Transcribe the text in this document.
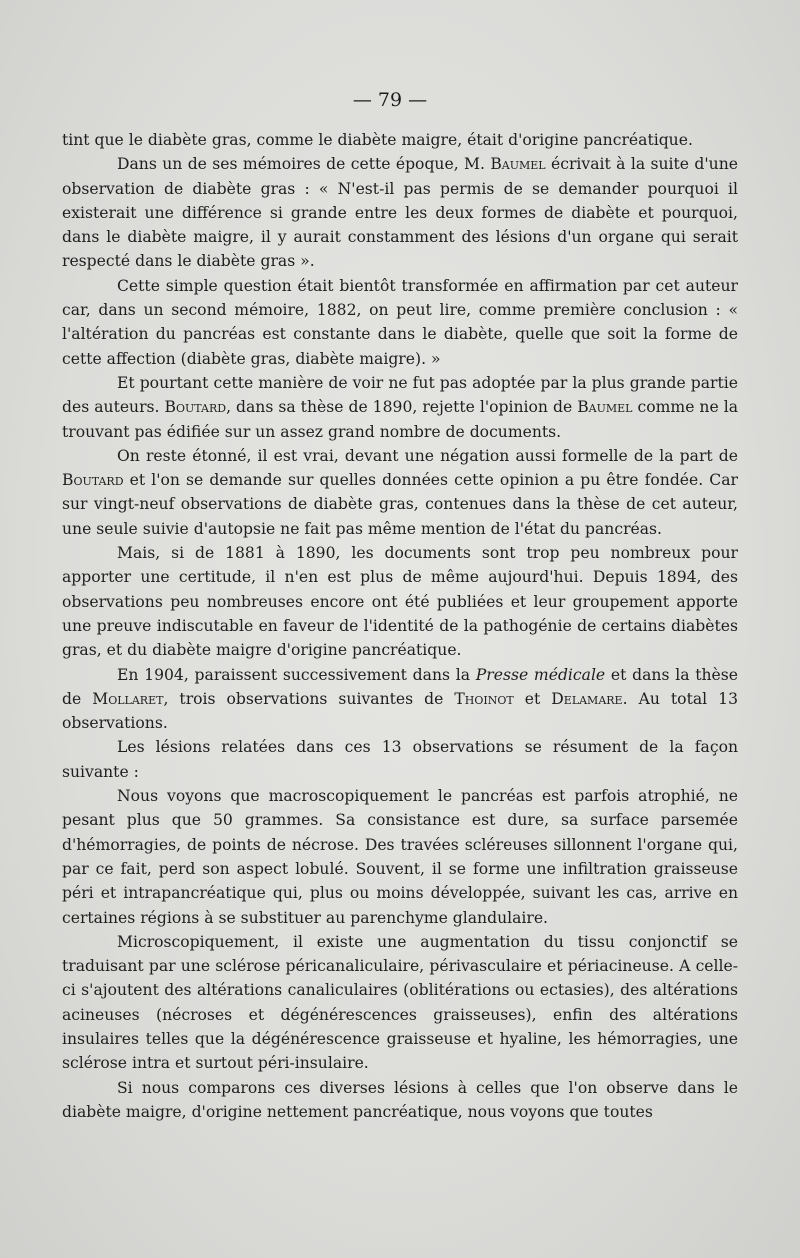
— 79 —

tint que le diabète gras, comme le diabète maigre, était d'origine pancréatique.

Dans un de ses mémoires de cette époque, M. Baumel écrivait à la suite d'une observation de diabète gras : « N'est-il pas permis de se demander pourquoi il existerait une différence si grande entre les deux formes de diabète et pourquoi, dans le diabète maigre, il y aurait constamment des lésions d'un organe qui serait respecté dans le diabète gras ».

Cette simple question était bientôt transformée en affirmation par cet auteur car, dans un second mémoire, 1882, on peut lire, comme première conclusion : « l'altération du pancréas est constante dans le diabète, quelle que soit la forme de cette affection (diabète gras, diabète maigre). »

Et pourtant cette manière de voir ne fut pas adoptée par la plus grande partie des auteurs. Boutard, dans sa thèse de 1890, rejette l'opinion de Baumel comme ne la trouvant pas édifiée sur un assez grand nombre de documents.

On reste étonné, il est vrai, devant une négation aussi formelle de la part de Boutard et l'on se demande sur quelles données cette opinion a pu être fondée. Car sur vingt-neuf observations de diabète gras, contenues dans la thèse de cet auteur, une seule suivie d'autopsie ne fait pas même mention de l'état du pancréas.

Mais, si de 1881 à 1890, les documents sont trop peu nombreux pour apporter une certitude, il n'en est plus de même aujourd'hui. Depuis 1894, des observations peu nombreuses encore ont été publiées et leur groupement apporte une preuve indiscutable en faveur de l'identité de la pathogénie de certains diabètes gras, et du diabète maigre d'origine pancréatique.

En 1904, paraissent successivement dans la Presse médicale et dans la thèse de Mollaret, trois observations suivantes de Thoinot et Delamare. Au total 13 observations.

Les lésions relatées dans ces 13 observations se résument de la façon suivante :

Nous voyons que macroscopiquement le pancréas est parfois atrophié, ne pesant plus que 50 grammes. Sa consistance est dure, sa surface parsemée d'hémorragies, de points de nécrose. Des travées scléreuses sillonnent l'organe qui, par ce fait, perd son aspect lobulé. Souvent, il se forme une infiltration graisseuse péri et intrapancréatique qui, plus ou moins développée, suivant les cas, arrive en certaines régions à se substituer au parenchyme glandulaire.

Microscopiquement, il existe une augmentation du tissu conjonctif se traduisant par une sclérose péricanaliculaire, périvasculaire et périacineuse. A celle-ci s'ajoutent des altérations canaliculaires (oblitérations ou ectasies), des altérations acineuses (nécroses et dégénérescences graisseuses), enfin des altérations insulaires telles que la dégénérescence graisseuse et hyaline, les hémorragies, une sclérose intra et surtout péri-insulaire.

Si nous comparons ces diverses lésions à celles que l'on observe dans le diabète maigre, d'origine nettement pancréatique, nous voyons que toutes
